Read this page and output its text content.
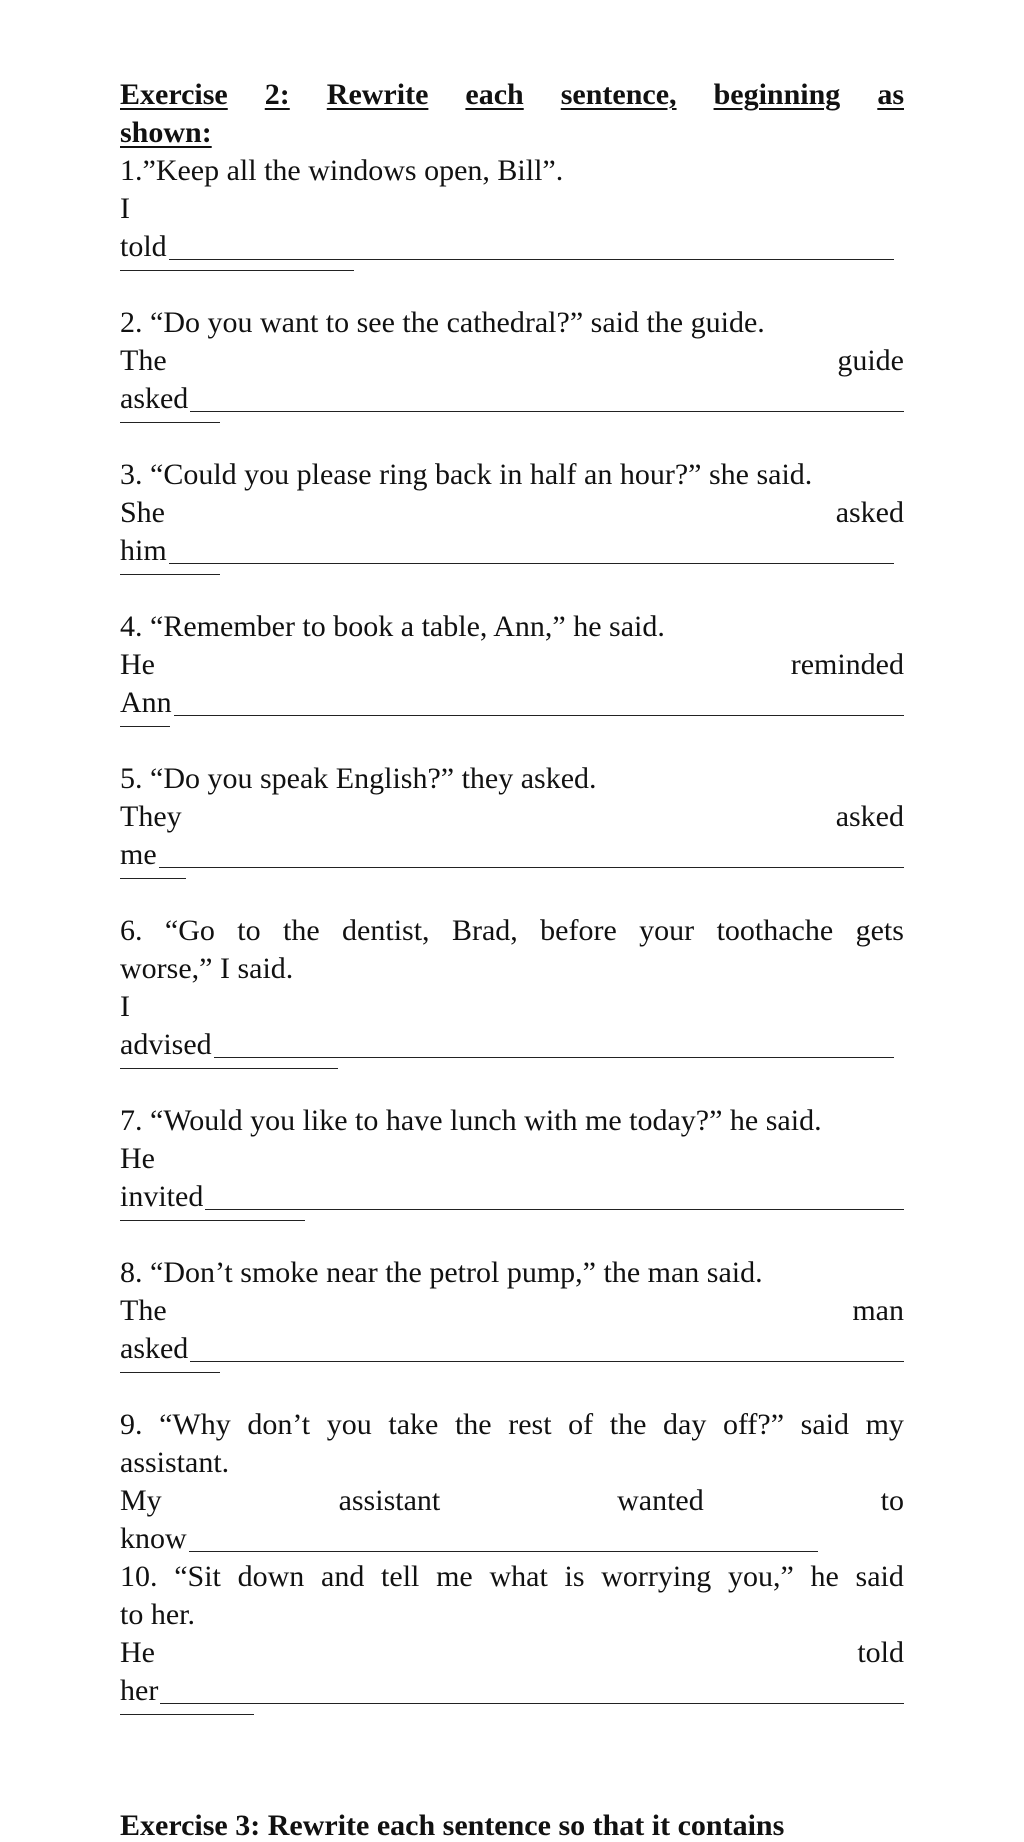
Exercise 2: Rewrite each sentence, beginning as
shown:
1.”Keep all the windows open, Bill”.
I
told
2. “Do you want to see the cathedral?” said the guide.
The	guide
asked
3. “Could you please ring back in half an hour?” she said.
She	asked
him
4. “Remember to book a table, Ann,” he said.
He	reminded
Ann
5. “Do you speak English?” they asked.
They	asked
me
6. “Go to the dentist, Brad, before your toothache gets
worse,” I said.
I
advised
7. “Would you like to have lunch with me today?” he said.
He
invited
8. “Don’t smoke near the petrol pump,” the man said.
The	man
asked
9. “Why don’t you take the rest of the day off?” said my
assistant.
My	assistant	wanted	to
know
10. “Sit down and tell me what is worrying you,” he said
to her.
He	told
her
Exercise 3: Rewrite each sentence so that it contains
